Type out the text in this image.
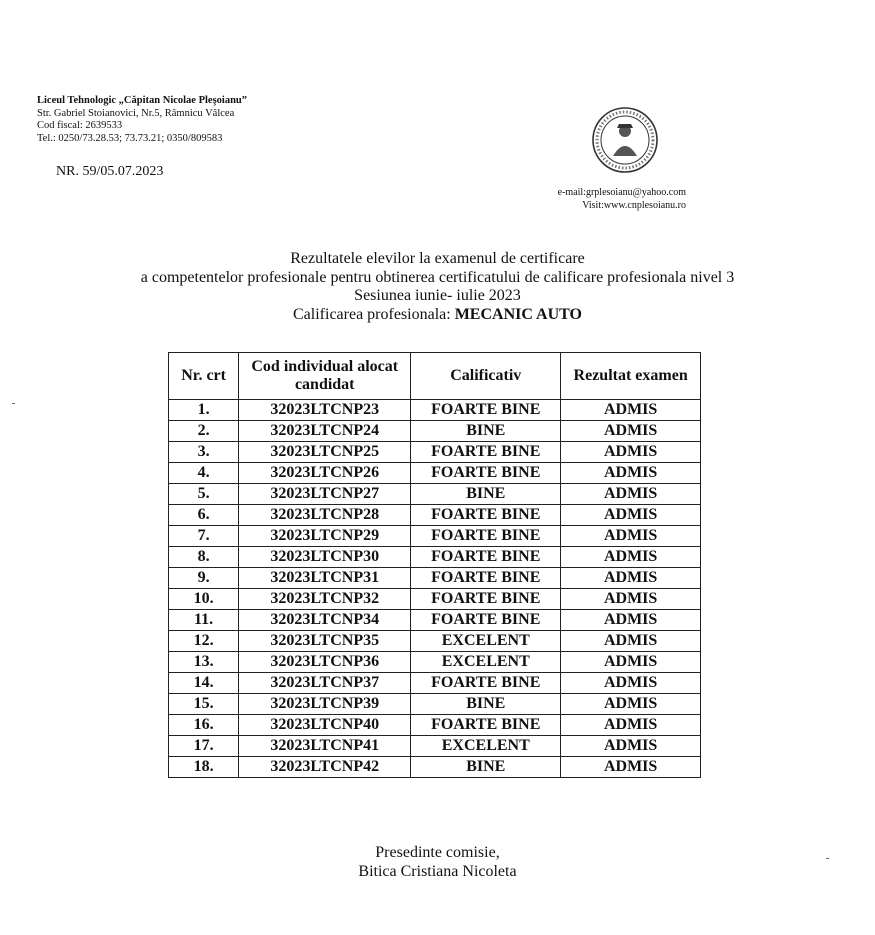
Liceul Tehnologic „Căpitan Nicolae Pleşoianu”
Str. Gabriel Stoianovici, Nr.5, Râmnicu Vâlcea
Cod fiscal: 2639533
Tel.: 0250/73.28.53; 73.73.21; 0350/809583
NR. 59/05.07.2023
e-mail:grplesoianu@yahoo.com
Visit:www.cnplesoianu.ro
Rezultatele elevilor la examenul de certificare
a competentelor profesionale pentru obtinerea certificatului de calificare profesionala nivel 3
Sesiunea iunie- iulie 2023
Calificarea profesionala: MECANIC AUTO
Nr. crt	Cod individual alocat candidat	Calificativ	Rezultat examen
1.	32023LTCNP23	FOARTE BINE	ADMIS
2.	32023LTCNP24	BINE	ADMIS
3.	32023LTCNP25	FOARTE BINE	ADMIS
4.	32023LTCNP26	FOARTE BINE	ADMIS
5.	32023LTCNP27	BINE	ADMIS
6.	32023LTCNP28	FOARTE BINE	ADMIS
7.	32023LTCNP29	FOARTE BINE	ADMIS
8.	32023LTCNP30	FOARTE BINE	ADMIS
9.	32023LTCNP31	FOARTE BINE	ADMIS
10.	32023LTCNP32	FOARTE BINE	ADMIS
11.	32023LTCNP34	FOARTE BINE	ADMIS
12.	32023LTCNP35	EXCELENT	ADMIS
13.	32023LTCNP36	EXCELENT	ADMIS
14.	32023LTCNP37	FOARTE BINE	ADMIS
15.	32023LTCNP39	BINE	ADMIS
16.	32023LTCNP40	FOARTE BINE	ADMIS
17.	32023LTCNP41	EXCELENT	ADMIS
18.	32023LTCNP42	BINE	ADMIS
Presedinte comisie,
Bitica Cristiana Nicoleta
